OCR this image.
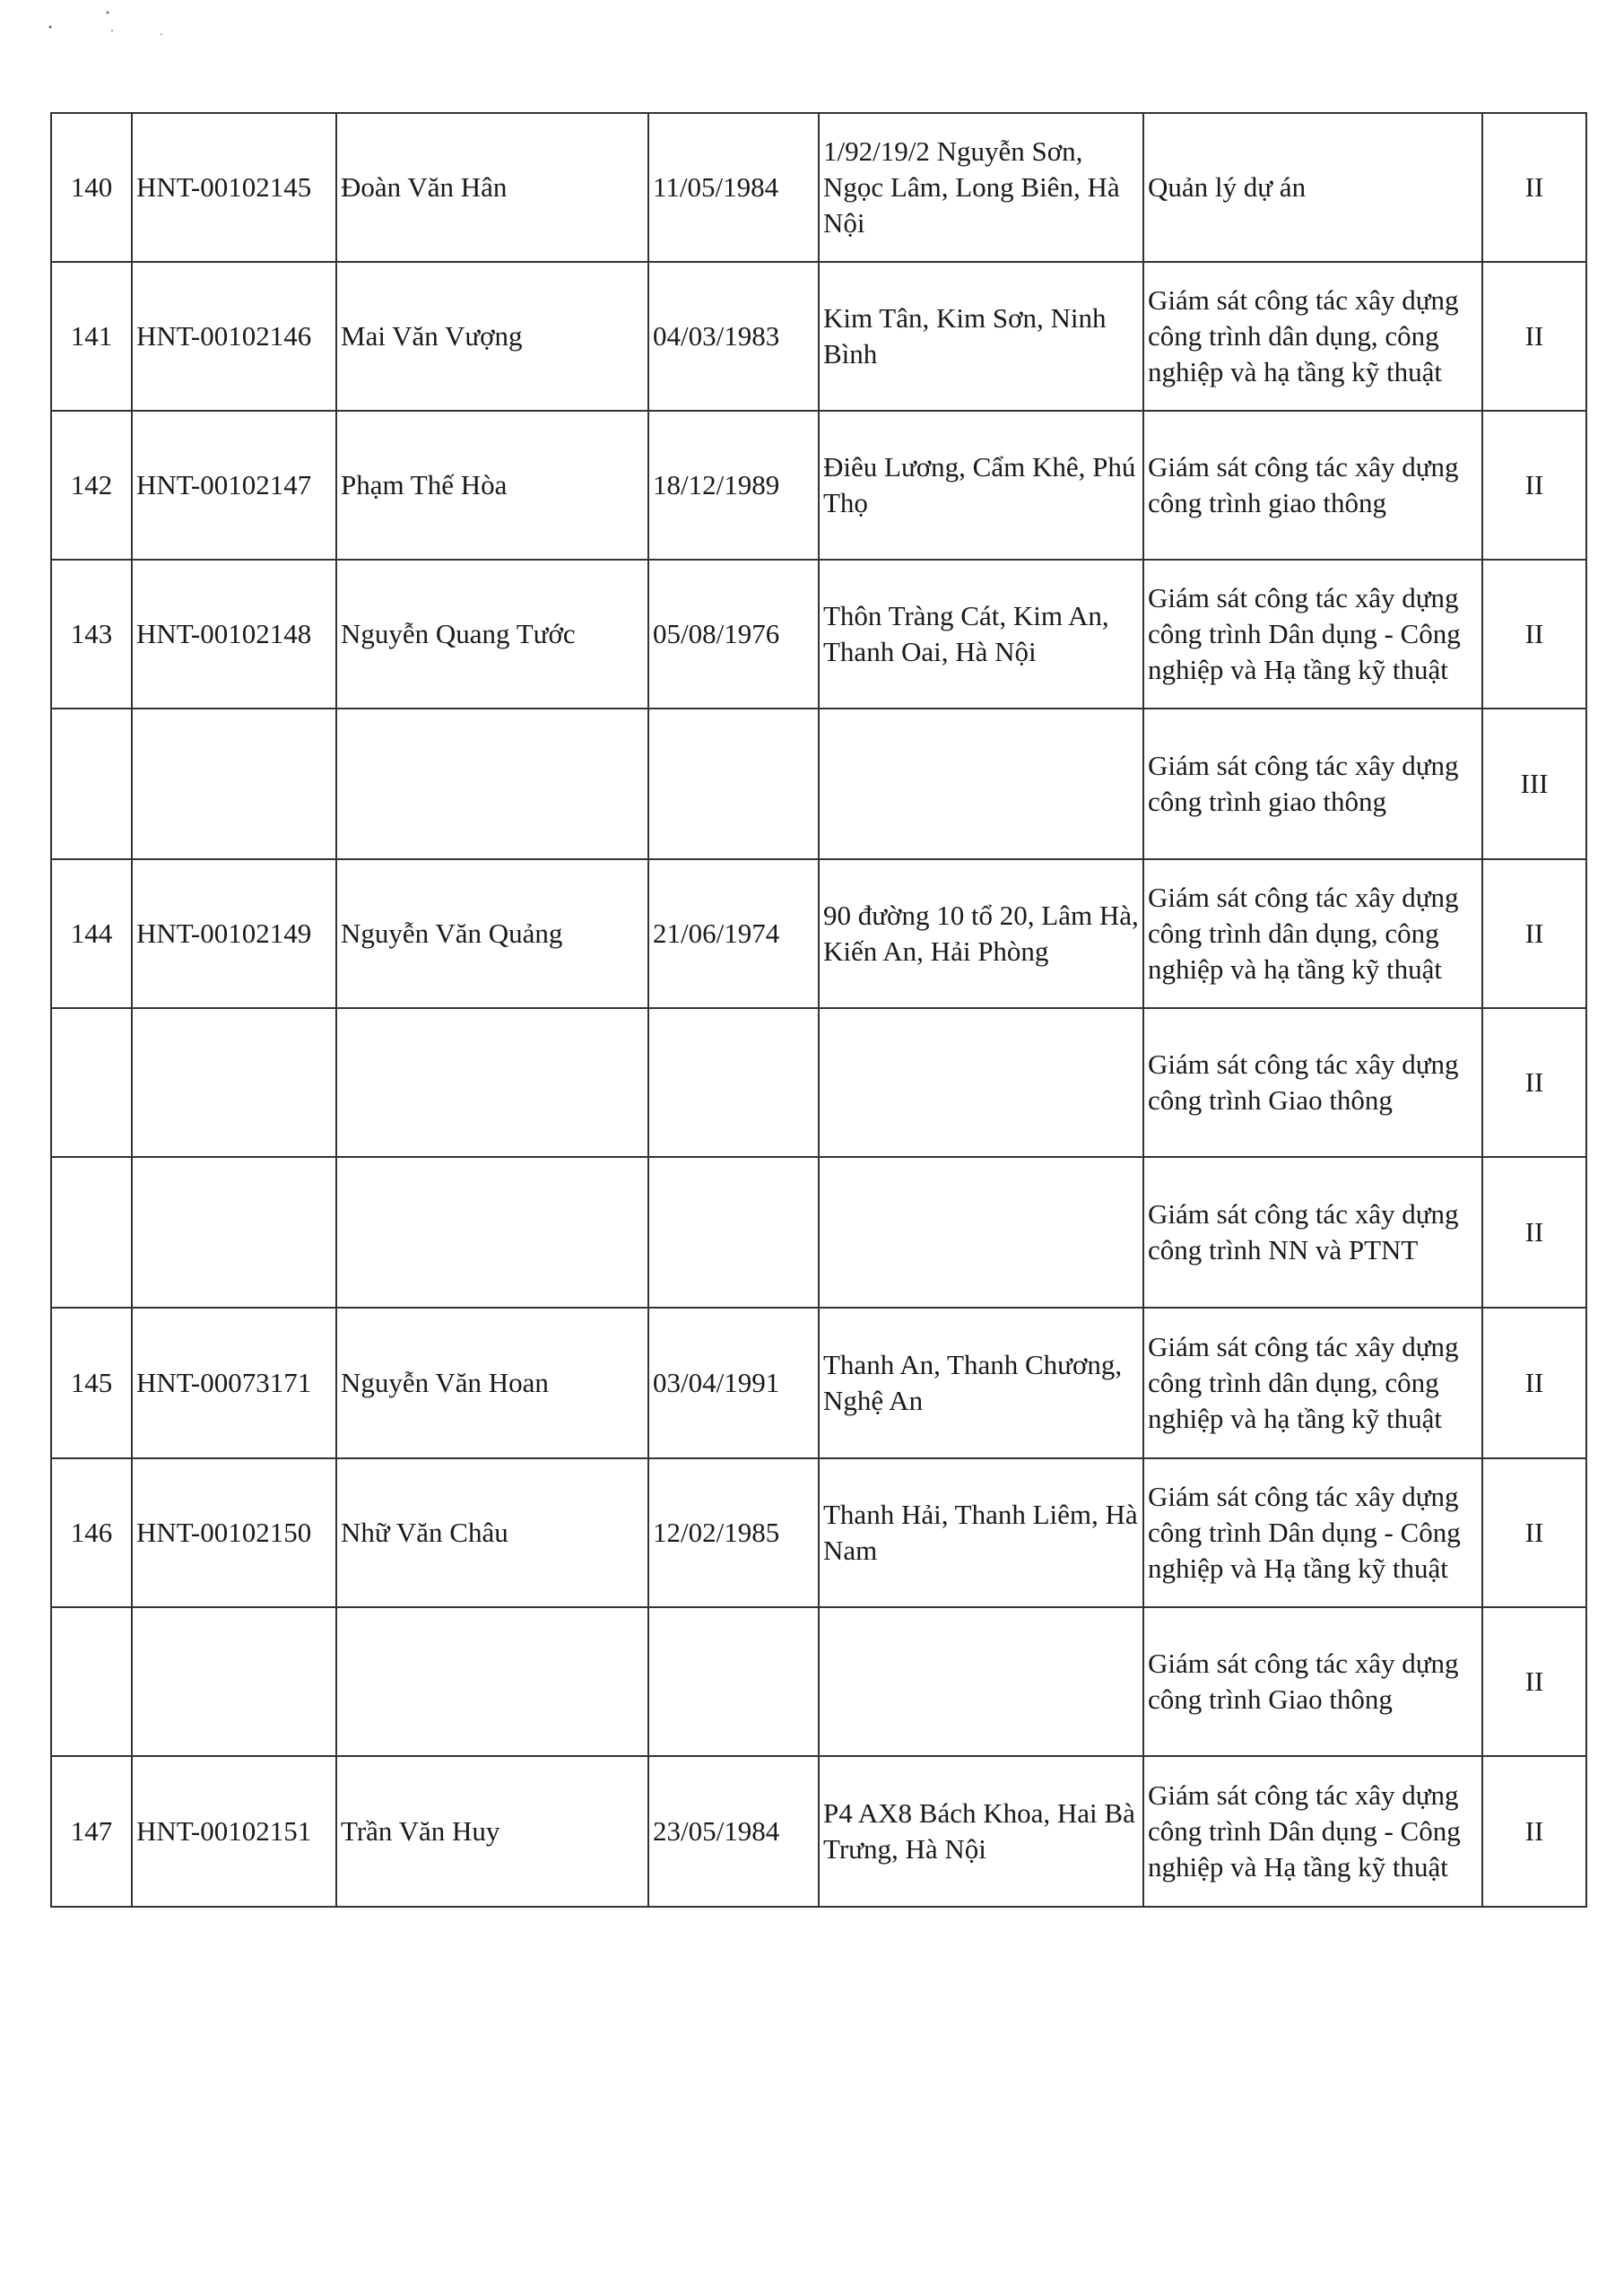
140	HNT-00102145	Đoàn Văn Hân	11/05/1984	1/92/19/2 Nguyễn Sơn, Ngọc Lâm, Long Biên, Hà Nội	Quản lý dự án	II
141	HNT-00102146	Mai Văn Vượng	04/03/1983	Kim Tân, Kim Sơn, Ninh Bình	Giám sát công tác xây dựng công trình dân dụng, công nghiệp và hạ tầng kỹ thuật	II
142	HNT-00102147	Phạm Thế Hòa	18/12/1989	Điêu Lương, Cẩm Khê, Phú Thọ	Giám sát công tác xây dựng công trình giao thông	II
143	HNT-00102148	Nguyễn Quang Tước	05/08/1976	Thôn Tràng Cát, Kim An, Thanh Oai, Hà Nội	Giám sát công tác xây dựng công trình Dân dụng - Công nghiệp và Hạ tầng kỹ thuật	II
					Giám sát công tác xây dựng công trình giao thông	III
144	HNT-00102149	Nguyễn Văn Quảng	21/06/1974	90 đường 10 tổ 20, Lâm Hà, Kiến An, Hải Phòng	Giám sát công tác xây dựng công trình dân dụng, công nghiệp và hạ tầng kỹ thuật	II
					Giám sát công tác xây dựng công trình Giao thông	II
					Giám sát công tác xây dựng công trình NN và PTNT	II
145	HNT-00073171	Nguyễn Văn Hoan	03/04/1991	Thanh An, Thanh Chương, Nghệ An	Giám sát công tác xây dựng công trình dân dụng, công nghiệp và hạ tầng kỹ thuật	II
146	HNT-00102150	Nhữ Văn Châu	12/02/1985	Thanh Hải, Thanh Liêm, Hà Nam	Giám sát công tác xây dựng công trình Dân dụng - Công nghiệp và Hạ tầng kỹ thuật	II
					Giám sát công tác xây dựng công trình Giao thông	II
147	HNT-00102151	Trần Văn Huy	23/05/1984	P4 AX8 Bách Khoa, Hai Bà Trưng, Hà Nội	Giám sát công tác xây dựng công trình Dân dụng - Công nghiệp và Hạ tầng kỹ thuật	II
